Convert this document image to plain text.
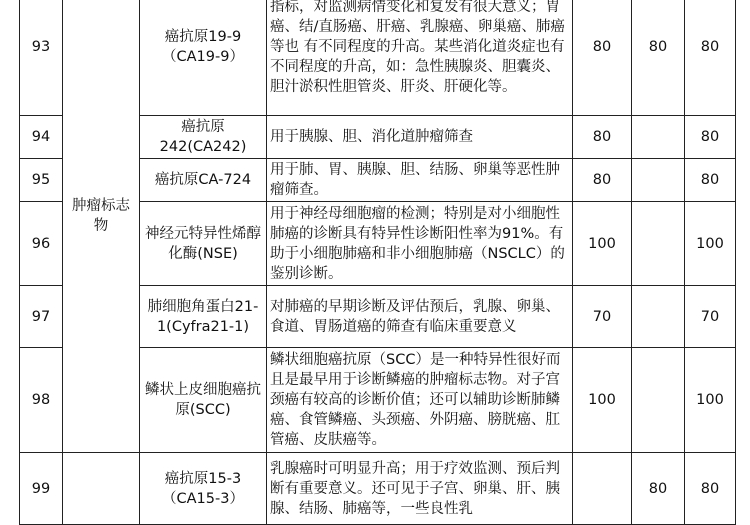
93	肿瘤标志物	癌抗原19-9（CA19-9）	指标，对监测病情变化和复发有很大意义；胃癌、结/直肠癌、肝癌、乳腺癌、卵巢癌、肺癌等也 有不同程度的升高。某些消化道炎症也有不同程度的升高，如：急性胰腺炎、胆囊炎、胆汁淤积性胆管炎、肝炎、肝硬化等。	80	80	80
94		癌抗原242(CA242)	用于胰腺、胆、消化道肿瘤筛查	80		80
95		癌抗原CA-724	用于肺、胃、胰腺、胆、结肠、卵巢等恶性肿瘤筛查。	80		80
96		神经元特异性烯醇化酶(NSE)	用于神经母细胞瘤的检测；特别是对小细胞性肺癌的诊断具有特异性诊断阳性率为91%。有助于小细胞肺癌和非小细胞肺癌（NSCLC）的鉴别诊断。	100		100
97		肺细胞角蛋白21-1(Cyfra21-1)	对肺癌的早期诊断及评估预后，乳腺、卵巢、食道、胃肠道癌的筛查有临床重要意义	70		70
98		鳞状上皮细胞癌抗原(SCC)	鳞状细胞癌抗原（SCC）是一种特异性很好而且是最早用于诊断鳞癌的肿瘤标志物。对子宫颈癌有较高的诊断价值；还可以辅助诊断肺鳞癌、食管鳞癌、头颈癌、外阴癌、膀胱癌、肛管癌、皮肤癌等。	100		100
99		癌抗原15-3（CA15-3）	乳腺癌时可明显升高；用于疗效监测、预后判断有重要意义。还可见于子宫、卵巢、肝、胰腺、结肠、肺癌等，一些良性乳		80	80
